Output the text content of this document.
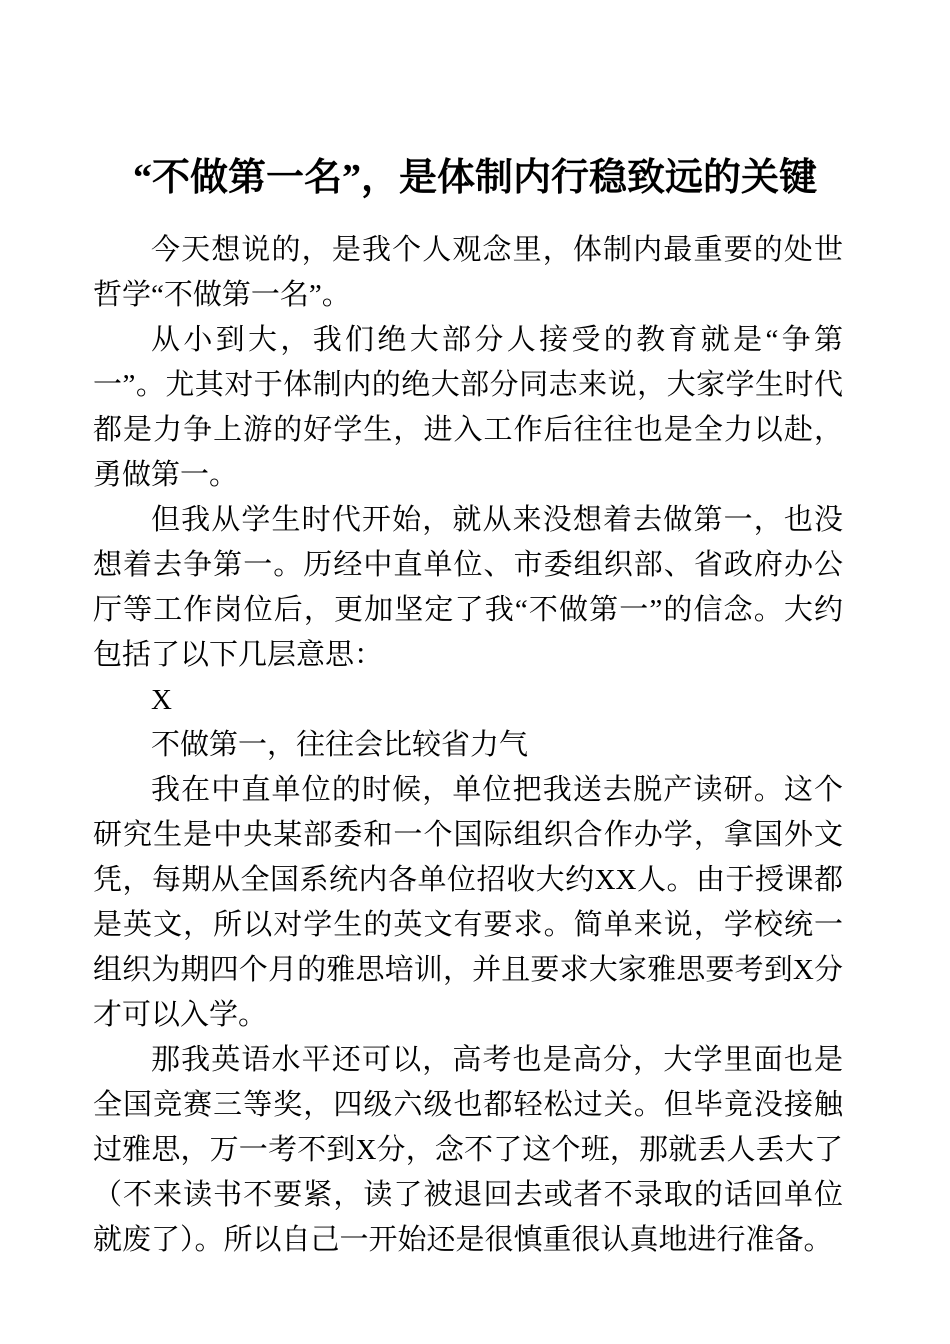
“不做第一名”，是体制内行稳致远的关键

今天想说的，是我个人观念里，体制内最重要的处世哲学“不做第一名”。

从小到大，我们绝大部分人接受的教育就是“争第一”。尤其对于体制内的绝大部分同志来说，大家学生时代都是力争上游的好学生，进入工作后往往也是全力以赴，勇做第一。

但我从学生时代开始，就从来没想着去做第一，也没想着去争第一。历经中直单位、市委组织部、省政府办公厅等工作岗位后，更加坚定了我“不做第一”的信念。大约包括了以下几层意思：

X

不做第一，往往会比较省力气

我在中直单位的时候，单位把我送去脱产读研。这个研究生是中央某部委和一个国际组织合作办学，拿国外文凭，每期从全国系统内各单位招收大约XX人。由于授课都是英文，所以对学生的英文有要求。简单来说，学校统一组织为期四个月的雅思培训，并且要求大家雅思要考到X分才可以入学。

那我英语水平还可以，高考也是高分，大学里面也是全国竞赛三等奖，四级六级也都轻松过关。但毕竟没接触过雅思，万一考不到X分，念不了这个班，那就丢人丢大了（不来读书不要紧，读了被退回去或者不录取的话回单位就废了）。所以自己一开始还是很慎重很认真地进行准备。
